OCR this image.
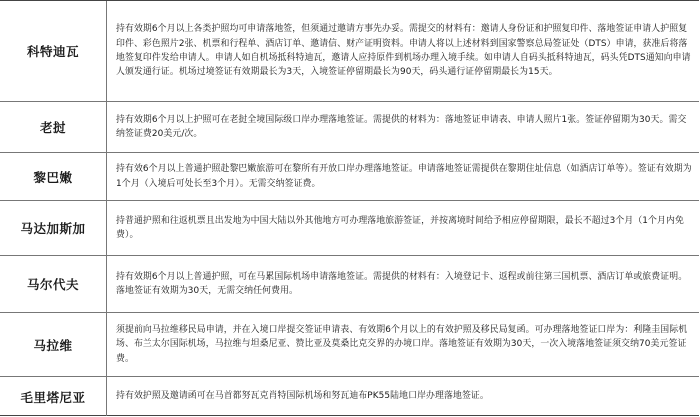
科特迪瓦
持有效期6个月以上各类护照均可申请落地签，但须通过邀请方事先办妥。需提交的材料有：邀请人身份证和护照复印件、落地签证申请人护照复印件、彩色照片2张、机票和行程单、酒店订单、邀请信、财产证明资料。申请人将以上述材料到国家警察总局签证处（DTS）申请，获准后将落地签复印件发给申请人。申请人如自机场抵科特迪瓦，邀请人应持原件到机场办理入境手续。如申请人自码头抵科特迪瓦，码头凭DTS通知向申请人颁发通行证。机场过境签证有效期最长为3天，入境签证停留期最长为90天，码头通行证停留期最长为15天。
老挝
持有效期6个月以上护照可在老挝全境国际级口岸办理落地签证。需提供的材料为：落地签证申请表、申请人照片1张。签证停留期为30天。需交纳签证费20美元/次。
黎巴嫩
持有效6个月以上普通护照赴黎巴嫩旅游可在黎所有开放口岸办理落地签证。申请落地签证需提供在黎期住址信息（如酒店订单等）。签证有效期为1个月（入境后可处长至3个月）。无需交纳签证费。
马达加斯加
持普通护照和往返机票且出发地为中国大陆以外其他地方可办理落地旅游签证，并按离境时间给予相应停留期限，最长不超过3个月（1个月内免费）。
马尔代夫
持有效期6个月以上普通护照，可在马累国际机场申请落地签证。需提供的材料有：入境登记卡、返程或前往第三国机票、酒店订单或旅费证明。落地签证有效期为30天，无需交纳任何费用。
马拉维
须提前向马拉维移民局申请，并在入境口岸提交签证申请表、有效期6个月以上的有效护照及移民局复函。可办理落地签证口岸为：利隆圭国际机场、布兰太尔国际机场，马拉维与坦桑尼亚、赞比亚及莫桑比克交界的办境口岸。落地签证有效期为30天，一次入境落地签证须交纳70美元签证费。
毛里塔尼亚	持有效护照及邀请函可在马首都努瓦克肖特国际机场和努瓦迪布PK55陆地口岸办理落地签证。
